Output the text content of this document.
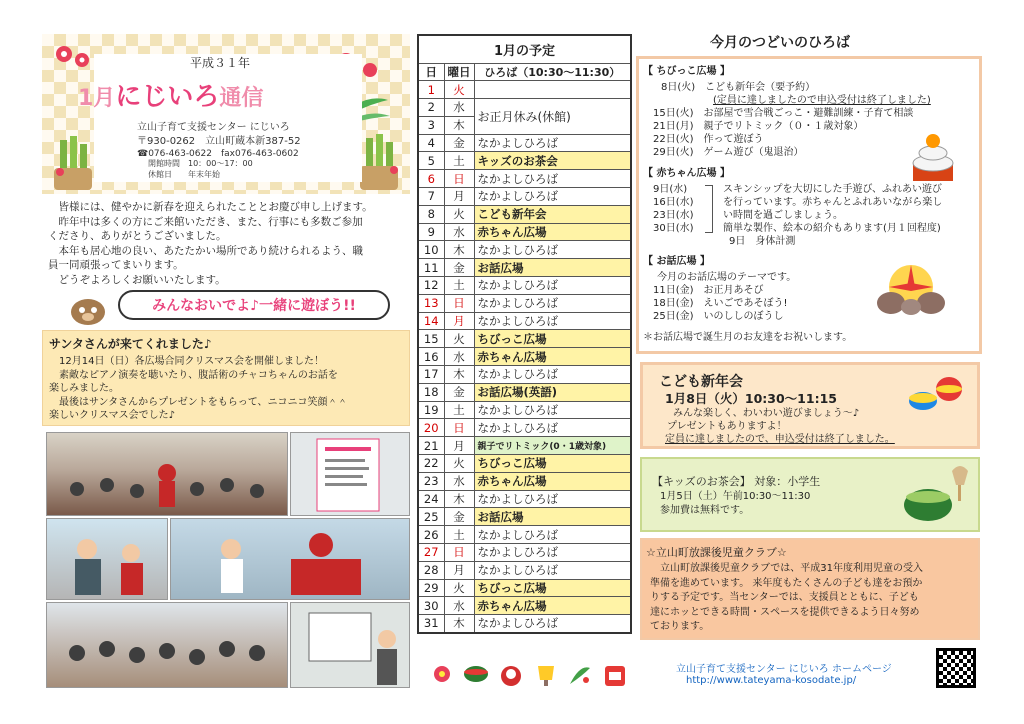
平成３１年
1月にじいろ通信
立山子育て支援センター にじいろ
〒930-0262　立山町蔵本新387-52
☎076-463-0622　fax076-463-0602
開館時間　10：00～17：00
休館日　　年末年始
　皆様には、健やかに新春を迎えられたこととお慶び申し上げます。
　昨年中は多くの方にご来館いただき、また、行事にも多数ご参加
くださり、ありがとうございました。
　本年も居心地の良い、あたたかい場所であり続けられるよう、職
員一同頑張ってまいります。
　どうぞよろしくお願いいたします。
みんなおいでよ♪一緒に遊ぼう!!
サンタさんが来てくれました♪
　12月14日（日）各広場合同クリスマス会を開催しました！
　素敵なピアノ演奏を聴いたり、腹話術のチャコちゃんのお話を
楽しみました。
　最後はサンタさんからプレゼントをもらって、ニコニコ笑顔＾＾
楽しいクリスマス会でした♪
1月の予定		
日	曜日	ひろば（10:30～11:30）
1	火	
2	水	お正月休み(休館)
3	木	
4	金	なかよしひろば
5	土	キッズのお茶会
6	日	なかよしひろば
7	月	なかよしひろば
8	火	こども新年会
9	水	赤ちゃん広場
10	木	なかよしひろば
11	金	お話広場
12	土	なかよしひろば
13	日	なかよしひろば
14	月	なかよしひろば
15	火	ちびっこ広場
16	水	赤ちゃん広場
17	木	なかよしひろば
18	金	お話広場(英語)
19	土	なかよしひろば
20	日	なかよしひろば
21	月	親子でリトミック(0・1歳対象)
22	火	ちびっこ広場
23	水	赤ちゃん広場
24	木	なかよしひろば
25	金	お話広場
26	土	なかよしひろば
27	日	なかよしひろば
28	月	なかよしひろば
29	火	ちびっこ広場
30	水	赤ちゃん広場
31	木	なかよしひろば
今月のつどいのひろば
【 ちびっこ広場 】
8日(火)　こども新年会（要予約）
(定員に達しましたので申込受付は終了しました)
15日(火)　お部屋で雪合戦ごっこ・避難訓練・子育て相談
21日(月)　親子でリトミック（０・１歳対象）
22日(火)　作って遊ぼう
29日(火)　ゲーム遊び（鬼退治）
【 赤ちゃん広場 】
9日(水)
16日(水)
23日(水)
30日(水)
スキンシップを大切にした手遊び、ふれあい遊び
を行っています。赤ちゃんとふれあいながら楽し
い時間を過ごしましょう。
簡単な製作、絵本の紹介もあります(月１回程度)
9日　身体計測
【 お話広場 】
今月のお話広場のテーマです。
11日(金)　お正月あそび
18日(金)　えいごであそぼう!
25日(金)　いのししのぼうし
＊お話広場で誕生月のお友達をお祝いします。
こども新年会
1月8日（火）10:30～11:15
みんな楽しく、わいわい遊びましょう～♪
プレゼントもありますよ！
定員に達しましたので、申込受付は終了しました。
【キッズのお茶会】 対象：小学生
1月5日（土）午前10:30～11:30
参加費は無料です。
☆立山町放課後児童クラブ☆
　立山町放課後児童クラブでは、平成31年度利用児童の受入
準備を進めています。 来年度もたくさんの子ども達をお預か
りする予定です。当センターでは、支援員とともに、子ども
達にホッとできる時間・スペースを提供できるよう日々努め
ております。
立山子育て支援センター にじいろ ホームページ
http://www.tateyama-kosodate.jp/
